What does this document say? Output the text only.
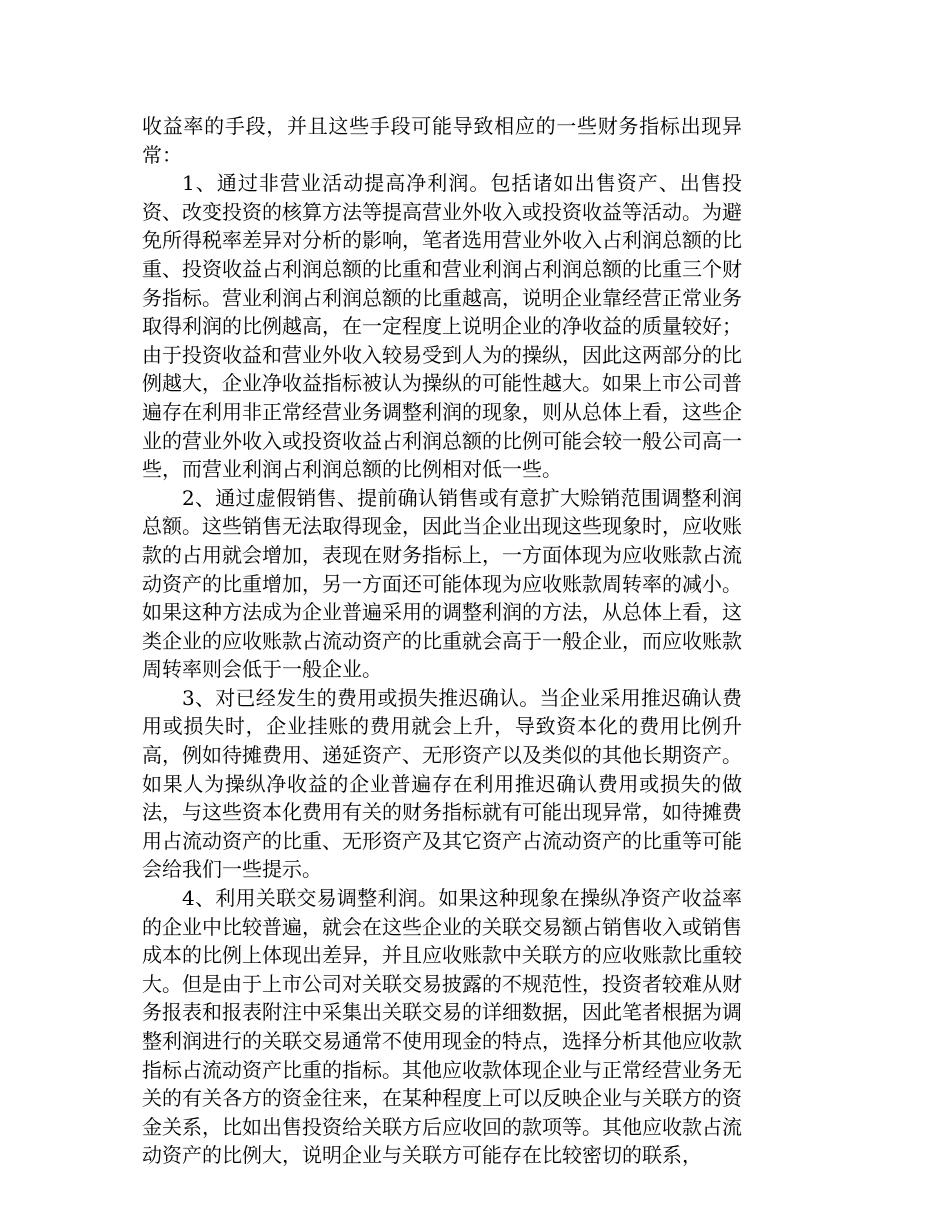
收益率的手段，并且这些手段可能导致相应的一些财务指标出现异常：

1、通过非营业活动提高净利润。包括诸如出售资产、出售投资、改变投资的核算方法等提高营业外收入或投资收益等活动。为避免所得税率差异对分析的影响，笔者选用营业外收入占利润总额的比重、投资收益占利润总额的比重和营业利润占利润总额的比重三个财务指标。营业利润占利润总额的比重越高，说明企业靠经营正常业务取得利润的比例越高，在一定程度上说明企业的净收益的质量较好；由于投资收益和营业外收入较易受到人为的操纵，因此这两部分的比例越大，企业净收益指标被认为操纵的可能性越大。如果上市公司普遍存在利用非正常经营业务调整利润的现象，则从总体上看，这些企业的营业外收入或投资收益占利润总额的比例可能会较一般公司高一些，而营业利润占利润总额的比例相对低一些。

2、通过虚假销售、提前确认销售或有意扩大赊销范围调整利润总额。这些销售无法取得现金，因此当企业出现这些现象时，应收账款的占用就会增加，表现在财务指标上，一方面体现为应收账款占流动资产的比重增加，另一方面还可能体现为应收账款周转率的减小。如果这种方法成为企业普遍采用的调整利润的方法，从总体上看，这类企业的应收账款占流动资产的比重就会高于一般企业，而应收账款周转率则会低于一般企业。

3、对已经发生的费用或损失推迟确认。当企业采用推迟确认费用或损失时，企业挂账的费用就会上升，导致资本化的费用比例升高，例如待摊费用、递延资产、无形资产以及类似的其他长期资产。如果人为操纵净收益的企业普遍存在利用推迟确认费用或损失的做法，与这些资本化费用有关的财务指标就有可能出现异常，如待摊费用占流动资产的比重、无形资产及其它资产占流动资产的比重等可能会给我们一些提示。

4、利用关联交易调整利润。如果这种现象在操纵净资产收益率的企业中比较普遍，就会在这些企业的关联交易额占销售收入或销售成本的比例上体现出差异，并且应收账款中关联方的应收账款比重较大。但是由于上市公司对关联交易披露的不规范性，投资者较难从财务报表和报表附注中采集出关联交易的详细数据，因此笔者根据为调整利润进行的关联交易通常不使用现金的特点，选择分析其他应收款指标占流动资产比重的指标。其他应收款体现企业与正常经营业务无关的有关各方的资金往来，在某种程度上可以反映企业与关联方的资金关系，比如出售投资给关联方后应收回的款项等。其他应收款占流动资产的比例大，说明企业与关联方可能存在比较密切的联系，
